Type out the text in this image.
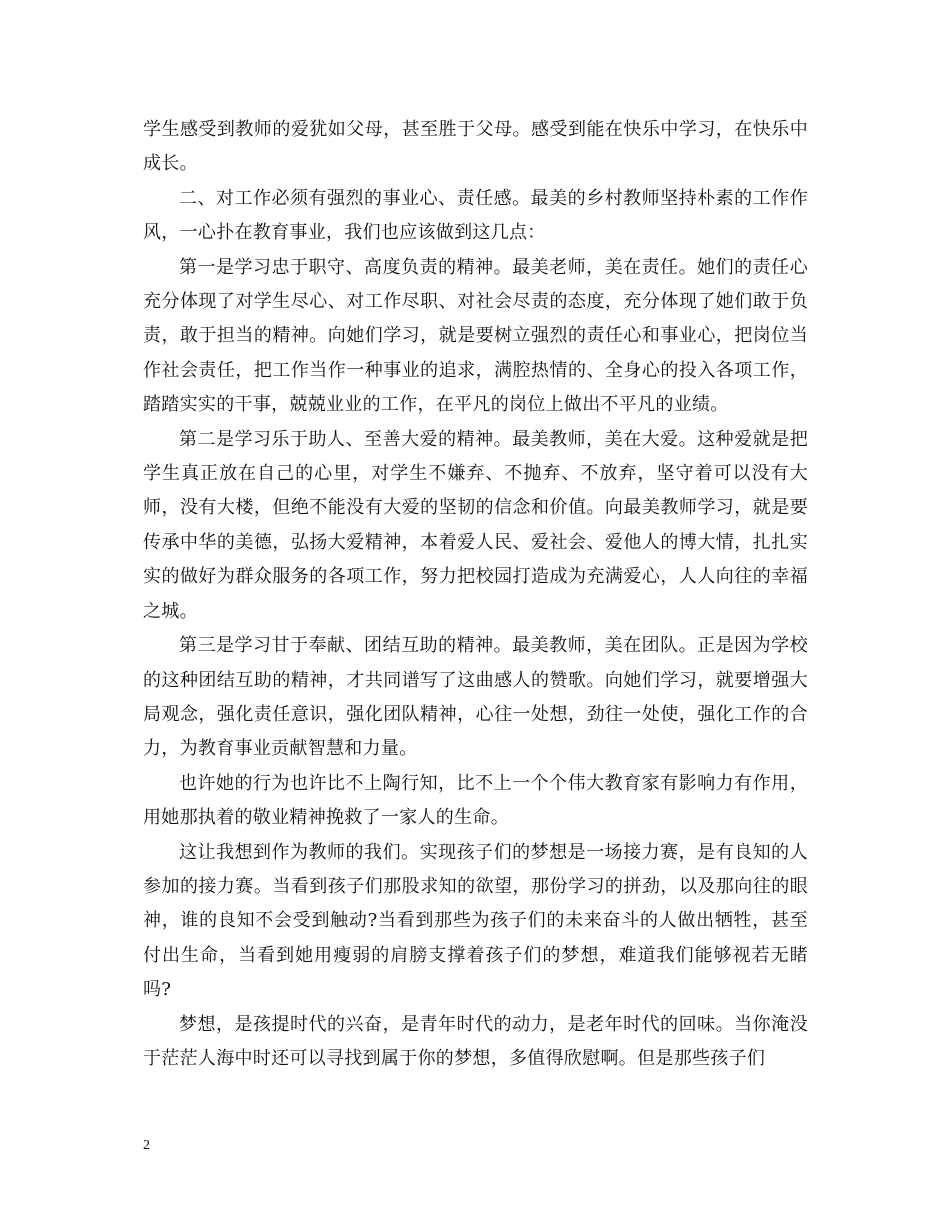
学生感受到教师的爱犹如父母，甚至胜于父母。感受到能在快乐中学习，在快乐中成长。

二、对工作必须有强烈的事业心、责任感。最美的乡村教师坚持朴素的工作作风，一心扑在教育事业，我们也应该做到这几点：

第一是学习忠于职守、高度负责的精神。最美老师，美在责任。她们的责任心充分体现了对学生尽心、对工作尽职、对社会尽责的态度，充分体现了她们敢于负责，敢于担当的精神。向她们学习，就是要树立强烈的责任心和事业心，把岗位当作社会责任，把工作当作一种事业的追求，满腔热情的、全身心的投入各项工作，踏踏实实的干事，兢兢业业的工作，在平凡的岗位上做出不平凡的业绩。

第二是学习乐于助人、至善大爱的精神。最美教师，美在大爱。这种爱就是把学生真正放在自己的心里，对学生不嫌弃、不抛弃、不放弃，坚守着可以没有大师，没有大楼，但绝不能没有大爱的坚韧的信念和价值。向最美教师学习，就是要传承中华的美德，弘扬大爱精神，本着爱人民、爱社会、爱他人的博大情，扎扎实实的做好为群众服务的各项工作，努力把校园打造成为充满爱心，人人向往的幸福之城。

第三是学习甘于奉献、团结互助的精神。最美教师，美在团队。正是因为学校的这种团结互助的精神，才共同谱写了这曲感人的赞歌。向她们学习，就要增强大局观念，强化责任意识，强化团队精神，心往一处想，劲往一处使，强化工作的合力，为教育事业贡献智慧和力量。

也许她的行为也许比不上陶行知，比不上一个个伟大教育家有影响力有作用，用她那执着的敬业精神挽救了一家人的生命。

这让我想到作为教师的我们。实现孩子们的梦想是一场接力赛，是有良知的人参加的接力赛。当看到孩子们那股求知的欲望，那份学习的拼劲，以及那向往的眼神，谁的良知不会受到触动?当看到那些为孩子们的未来奋斗的人做出牺牲，甚至付出生命，当看到她用瘦弱的肩膀支撑着孩子们的梦想，难道我们能够视若无睹吗?

梦想，是孩提时代的兴奋，是青年时代的动力，是老年时代的回味。当你淹没于茫茫人海中时还可以寻找到属于你的梦想，多值得欣慰啊。但是那些孩子们

2
